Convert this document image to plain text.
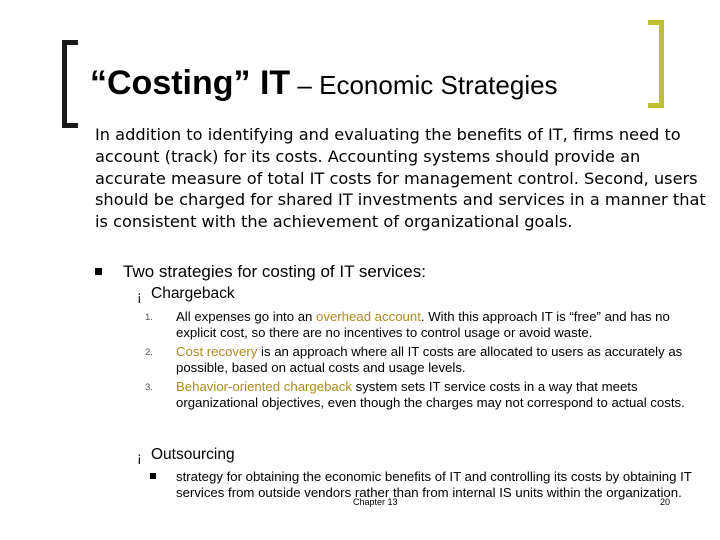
“Costing” IT – Economic Strategies
In addition to identifying and evaluating the benefits of IT, firms need to account (track) for its costs. Accounting systems should provide an accurate measure of total IT costs for management control. Second, users should be charged for shared IT investments and services in a manner that is consistent with the achievement of organizational goals.
Two strategies for costing of IT services:
¡ Chargeback
1. All expenses go into an overhead account. With this approach IT is “free” and has no explicit cost, so there are no incentives to control usage or avoid waste.
2. Cost recovery is an approach where all IT costs are allocated to users as accurately as possible, based on actual costs and usage levels.
3. Behavior-oriented chargeback system sets IT service costs in a way that meets organizational objectives, even though the charges may not correspond to actual costs.
¡ Outsourcing
strategy for obtaining the economic benefits of IT and controlling its costs by obtaining IT services from outside vendors rather than from internal IS units within the organization.
Chapter 13	20
